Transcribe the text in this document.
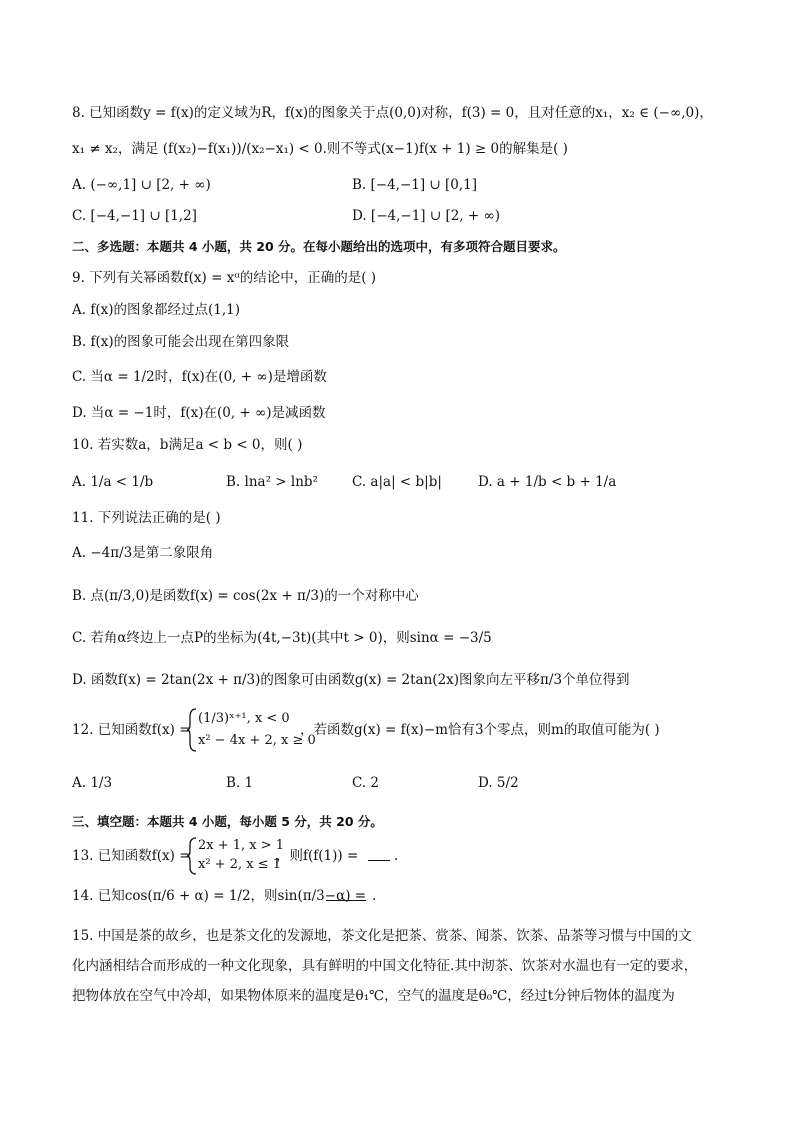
8. 已知函数y = f(x)的定义域为R，f(x)的图象关于点(0,0)对称，f(3) = 0，且对任意的x₁，x₂ ∈ (−∞,0)，
x₁ ≠ x₂，满足 (f(x₂)−f(x₁))/(x₂−x₁) < 0.则不等式(x−1)f(x + 1) ≥ 0的解集是( )
A. (−∞,1] ∪ [2, + ∞)	B. [−4,−1] ∪ [0,1]
C. [−4,−1] ∪ [1,2]	D. [−4,−1] ∪ [2, + ∞)
二、多选题：本题共 4 小题，共 20 分。在每小题给出的选项中，有多项符合题目要求。
9. 下列有关幂函数f(x) = xᵅ的结论中，正确的是( )
A. f(x)的图象都经过点(1,1)
B. f(x)的图象可能会出现在第四象限
C. 当α = 1/2时，f(x)在(0, + ∞)是增函数
D. 当α = −1时，f(x)在(0, + ∞)是减函数
10. 若实数a，b满足a < b < 0，则( )
A. 1/a < 1/b	B. lna² > lnb²	C. a|a| < b|b|	D. a + 1/b < b + 1/a
11. 下列说法正确的是( )
A. −4π/3是第二象限角
B. 点(π/3,0)是函数f(x) = cos(2x + π/3)的一个对称中心
C. 若角α终边上一点P的坐标为(4t,−3t)(其中t > 0)，则sinα = −3/5
D. 函数f(x) = 2tan(2x + π/3)的图象可由函数g(x) = 2tan(2x)图象向左平移π/3个单位得到
12. 已知函数f(x) =
(1/3)ˣ⁺¹, x < 0
x² − 4x + 2, x ≥ 0
，若函数g(x) = f(x)−m恰有3个零点，则m的取值可能为( )
A. 1/3	B. 1	C. 2	D. 5/2
三、填空题：本题共 4 小题，每小题 5 分，共 20 分。
13. 已知函数f(x) =
2x + 1, x > 1
x² + 2, x ≤ 1
，则f(f(1)) =	.
14. 已知cos(π/6 + α) = 1/2，则sin(π/3−α) = .
15. 中国是茶的故乡，也是茶文化的发源地，茶文化是把茶、赏茶、闻茶、饮茶、品茶等习惯与中国的文
化内涵相结合而形成的一种文化现象，具有鲜明的中国文化特征.其中沏茶、饮茶对水温也有一定的要求，
把物体放在空气中冷却，如果物体原来的温度是θ₁℃，空气的温度是θ₀℃，经过t分钟后物体的温度为
